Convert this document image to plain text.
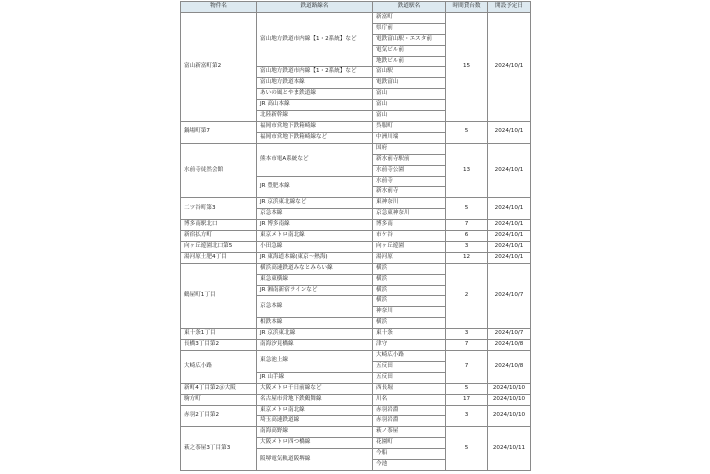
物件名	鉄道路線名	鉄道駅名	時間貸台数	開設予定日
富山新富町第2	富山地方鉄道市内線【1・2系統】など	新富町	15	2024/10/1
		県庁前		
		電鉄富山駅・エスタ前		
		電気ビル前		
		地鉄ビル前		
	富山地方鉄道市内線【1・2系統】など	富山駅		
	富山地方鉄道本線	電鉄富山		
	あいの風とやま鉄道線	富山		
	JR 高山本線	富山		
	北陸新幹線	富山		
鍋場町第7	福岡市営地下鉄箱崎線	呉服町	5	2024/10/1
	福岡市営地下鉄箱崎線など	中洲川端		
水前寺徒然会館	熊本市電A系統など	国府	13	2024/10/1
		新水前寺駅前		
		水前寺公園		
	JR 豊肥本線	水前寺		
		新水前寺		
二ツ谷町第3	JR 京浜東北線など	東神奈川	5	2024/10/1
	京急本線	京急東神奈川		
博多南駅北口	JR 博多南線	博多南	7	2024/10/1
新宿払方町	東京メトロ南北線	市ケ谷	6	2024/10/1
向ヶ丘遊園北口第5	小田急線	向ヶ丘遊園	3	2024/10/1
湯河原土肥4丁目	JR 東海道本線(東京～熱海)	湯河原	12	2024/10/1
鶴屋町1丁目	横浜高速鉄道みなとみらい線	横浜	2	2024/10/7
	東急東横線	横浜		
	JR 湘南新宿ラインなど	横浜		
	京急本線	横浜		
		神奈川		
	相鉄本線	横浜		
東十条1丁目	JR 京浜東北線	東十条	3	2024/10/7
長橋3丁目第2	南海汐見橋線	津守	7	2024/10/8
大崎広小路	東急池上線	大崎広小路	7	2024/10/8
		五反田		
	JR 山手線	五反田		
新町4丁目第2＠大阪	大阪メトロ千日前線など	西長堀	5	2024/10/10
駒方町	名古屋市営地下鉄鶴舞線	川名	17	2024/10/10
赤羽2丁目第2	東京メトロ南北線	赤羽岩淵	3	2024/10/10
	埼玉高速鉄道線	赤羽岩淵		
萩之茶屋3丁目第3	南海高野線	萩ノ茶屋	5	2024/10/11
	大阪メトロ四つ橋線	花園町		
	阪堺電気軌道阪堺線	今船		
		今池		
